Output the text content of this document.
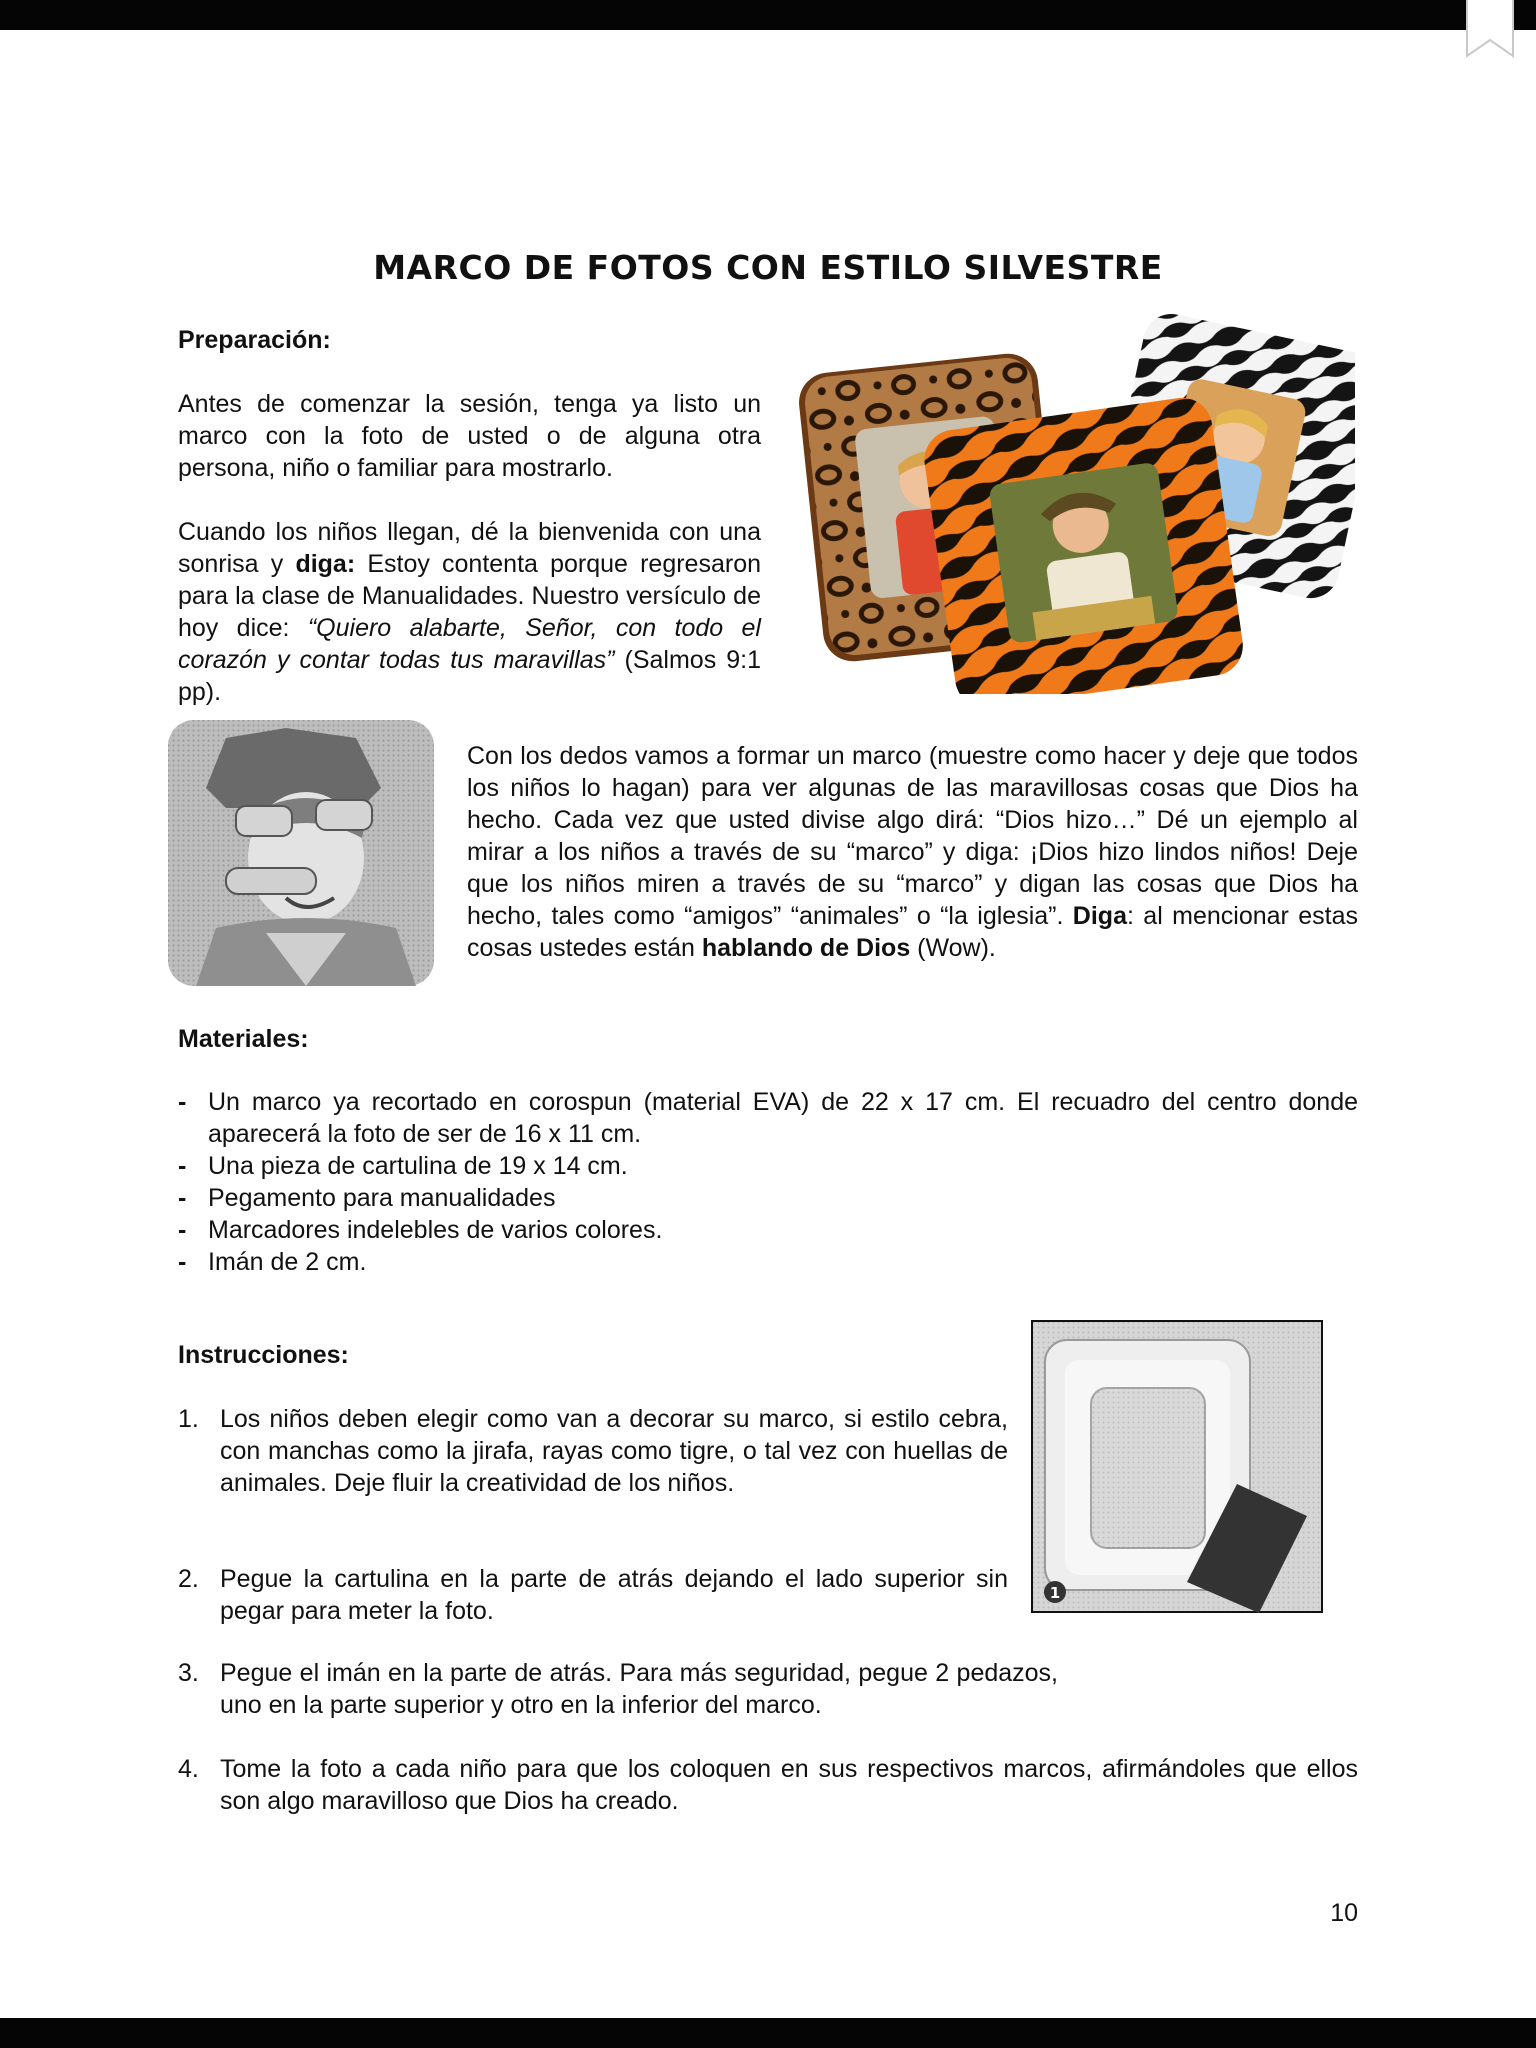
MARCO DE FOTOS CON ESTILO SILVESTRE
Preparación:

Antes de comenzar la sesión, tenga ya listo un marco con la foto de usted o de alguna otra persona, niño o familiar para mostrarlo.

Cuando los niños llegan, dé la bienvenida con una sonrisa y diga: Estoy contenta porque regresaron para la clase de Manualidades. Nuestro versículo de hoy dice: “Quiero alabarte, Señor, con todo el corazón y contar todas tus maravillas” (Salmos 9:1 pp).

Con los dedos vamos a formar un marco (muestre como hacer y deje que todos los niños lo hagan) para ver algunas de las maravillosas cosas que Dios ha hecho. Cada vez que usted divise algo dirá: “Dios hizo…” Dé un ejemplo al mirar a los niños a través de su “marco” y diga: ¡Dios hizo lindos niños! Deje que los niños miren a través de su “marco” y digan las cosas que Dios ha hecho, tales como “amigos” “animales” o “la iglesia”. Diga: al mencionar estas cosas ustedes están hablando de Dios (Wow).

Materiales:
- Un marco ya recortado en corospun (material EVA) de 22 x 17 cm. El recuadro del centro donde aparecerá la foto de ser de 16 x 11 cm.
- Una pieza de cartulina de 19 x 14 cm.
- Pegamento para manualidades
- Marcadores indelebles de varios colores.
- Imán de 2 cm.
Instrucciones:
1. Los niños deben elegir como van a decorar su marco, si estilo cebra, con manchas como la jirafa, rayas como tigre, o tal vez con huellas de animales. Deje fluir la creatividad de los niños.
2. Pegue la cartulina en la parte de atrás dejando el lado superior sin pegar para meter la foto.
3. Pegue el imán en la parte de atrás. Para más seguridad, pegue 2 pedazos, uno en la parte superior y otro en la inferior del marco.
4. Tome la foto a cada niño para que los coloquen en sus respectivos marcos, afirmándoles que ellos son algo maravilloso que Dios ha creado.
1
10
